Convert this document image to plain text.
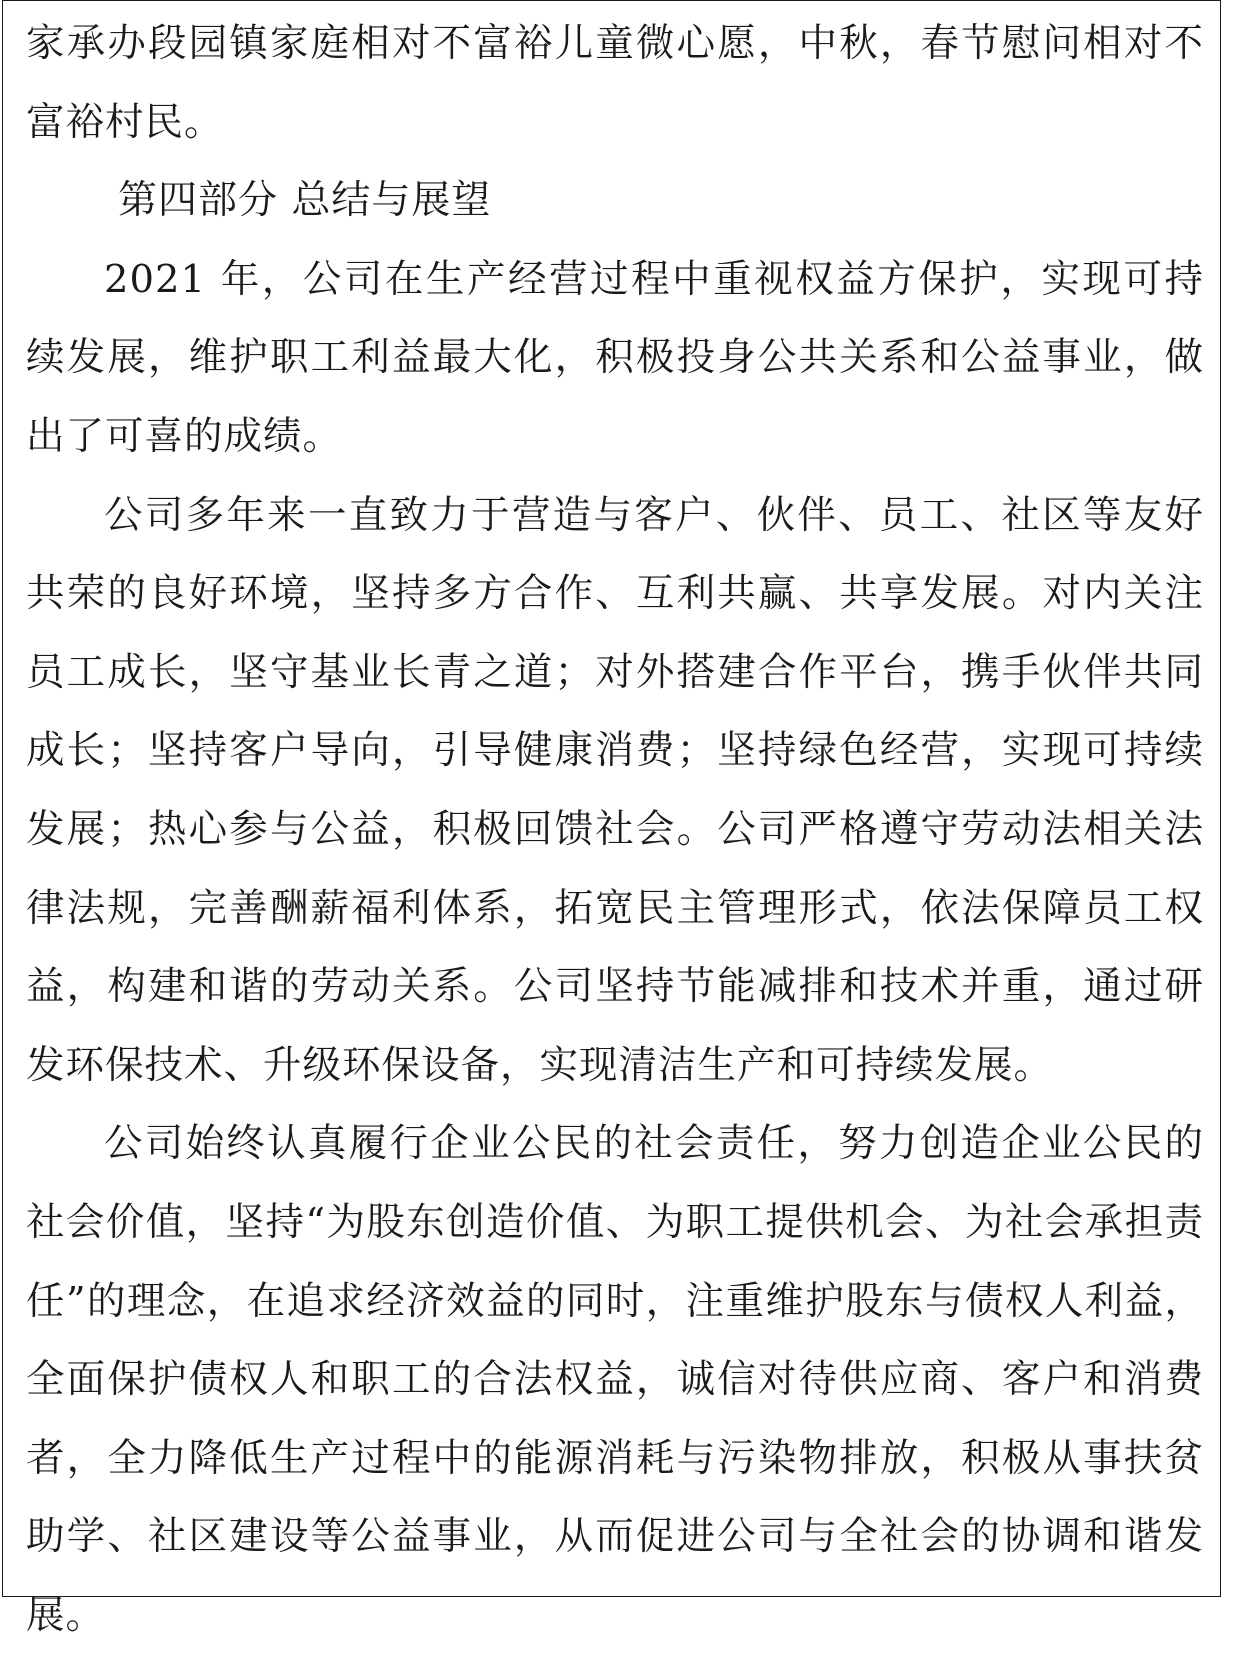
家承办段园镇家庭相对不富裕儿童微心愿，中秋，春节慰问相对不富裕村民。

第四部分 总结与展望

2021 年，公司在生产经营过程中重视权益方保护，实现可持续发展，维护职工利益最大化，积极投身公共关系和公益事业，做出了可喜的成绩。

公司多年来一直致力于营造与客户、伙伴、员工、社区等友好共荣的良好环境，坚持多方合作、互利共赢、共享发展。对内关注员工成长，坚守基业长青之道；对外搭建合作平台，携手伙伴共同成长；坚持客户导向，引导健康消费；坚持绿色经营，实现可持续发展；热心参与公益，积极回馈社会。公司严格遵守劳动法相关法律法规，完善酬薪福利体系，拓宽民主管理形式，依法保障员工权益，构建和谐的劳动关系。公司坚持节能减排和技术并重，通过研发环保技术、升级环保设备，实现清洁生产和可持续发展。

公司始终认真履行企业公民的社会责任，努力创造企业公民的社会价值，坚持“为股东创造价值、为职工提供机会、为社会承担责任”的理念，在追求经济效益的同时，注重维护股东与债权人利益，全面保护债权人和职工的合法权益，诚信对待供应商、客户和消费者，全力降低生产过程中的能源消耗与污染物排放，积极从事扶贫助学、社区建设等公益事业，从而促进公司与全社会的协调和谐发展。
